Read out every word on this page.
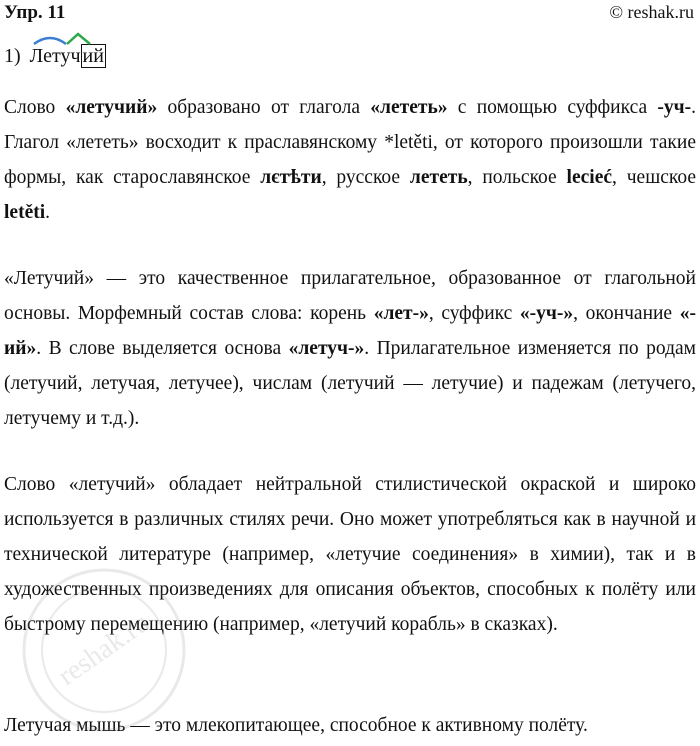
Упр. 11	© reshak.ru
1) Летуч ий

Слово «летучий» образовано от глагола «лететь» с помощью суффикса -уч-. Глагол «лететь» восходит к праславянскому *letěti, от которого произошли такие формы, как старославянское лєтѣти, русское лететь, польское lecieć, чешское letěti.

«Летучий» — это качественное прилагательное, образованное от глагольной основы. Морфемный состав слова: корень «лет-», суффикс «-уч-», окончание «-ий». В слове выделяется основа «летуч-». Прилагательное изменяется по родам (летучий, летучая, летучее), числам (летучий — летучие) и падежам (летучего, летучему и т.д.).

Слово «летучий» обладает нейтральной стилистической окраской и широко используется в различных стилях речи. Оно может употребляться как в научной и технической литературе (например, «летучие соединения» в химии), так и в художественных произведениях для описания объектов, способных к полёту или быстрому перемещению (например, «летучий корабль» в сказках).

Летучая мышь — это млекопитающее, способное к активному полёту.

reshak.ru
